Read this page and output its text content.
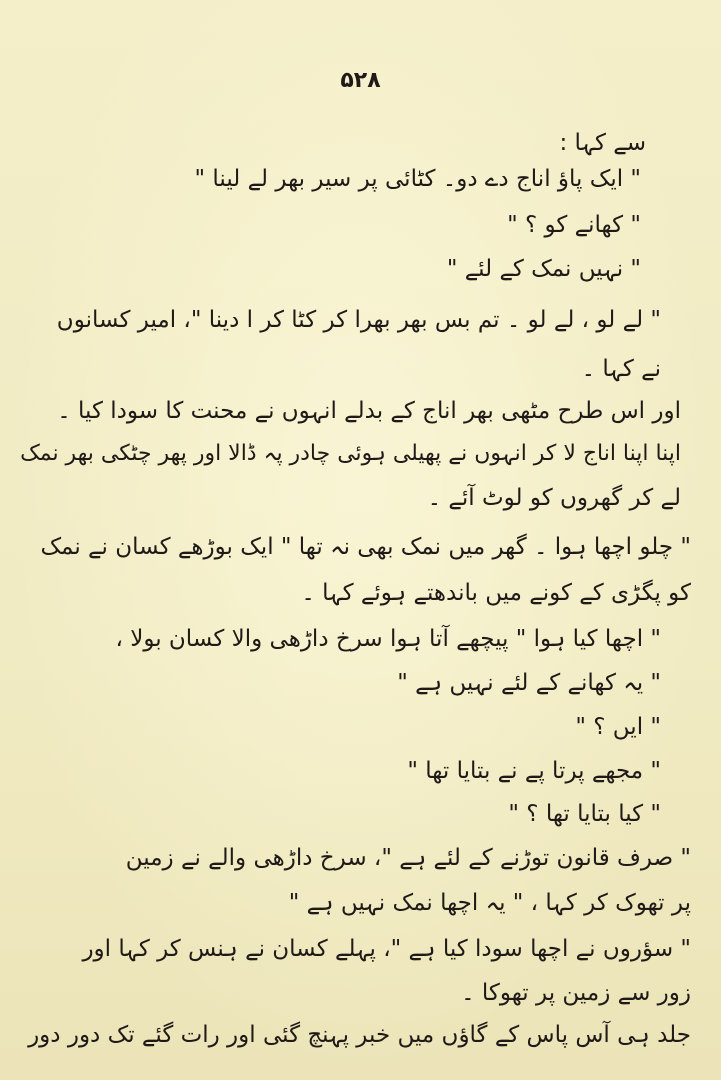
۵۲۸
سے کہا :
" ایک پاؤ اناج دے دو۔ کٹائی پر سیر بھر لے لینا "
" کھانے کو ؟ "
" نہیں نمک کے لئے "
" لے لو ، لے لو ۔ تم بس بھر بھرا کر کٹا کر ا دینا "، امیر کسانوں
نے کہا ۔
اور اس طرح مٹھی بھر اناج کے بدلے انہوں نے محنت کا سودا کیا ۔
اپنا اپنا اناج لا کر انہوں نے پھیلی ہوئی چادر پہ ڈالا اور پھر چٹکی بھر نمک
لے کر گھروں کو لوٹ آئے ۔
" چلو اچھا ہوا ۔ گھر میں نمک بھی نہ تھا " ایک بوڑھے کسان نے نمک
کو پگڑی کے کونے میں باندھتے ہوئے کہا ۔
" اچھا کیا ہوا " پیچھے آتا ہوا سرخ داڑھی والا کسان بولا ،
" یہ کھانے کے لئے نہیں ہے "
" ایں ؟ "
" مجھے پرتا پے نے بتایا تھا "
" کیا بتایا تھا ؟ "
" صرف قانون توڑنے کے لئے ہے "، سرخ داڑھی والے نے زمین
پر تھوک کر کہا ، " یہ اچھا نمک نہیں ہے "
" سؤروں نے اچھا سودا کیا ہے "، پہلے کسان نے ہنس کر کہا اور
زور سے زمین پر تھوکا ۔
جلد ہی آس پاس کے گاؤں میں خبر پہنچ گئی اور رات گئے تک دور دور
